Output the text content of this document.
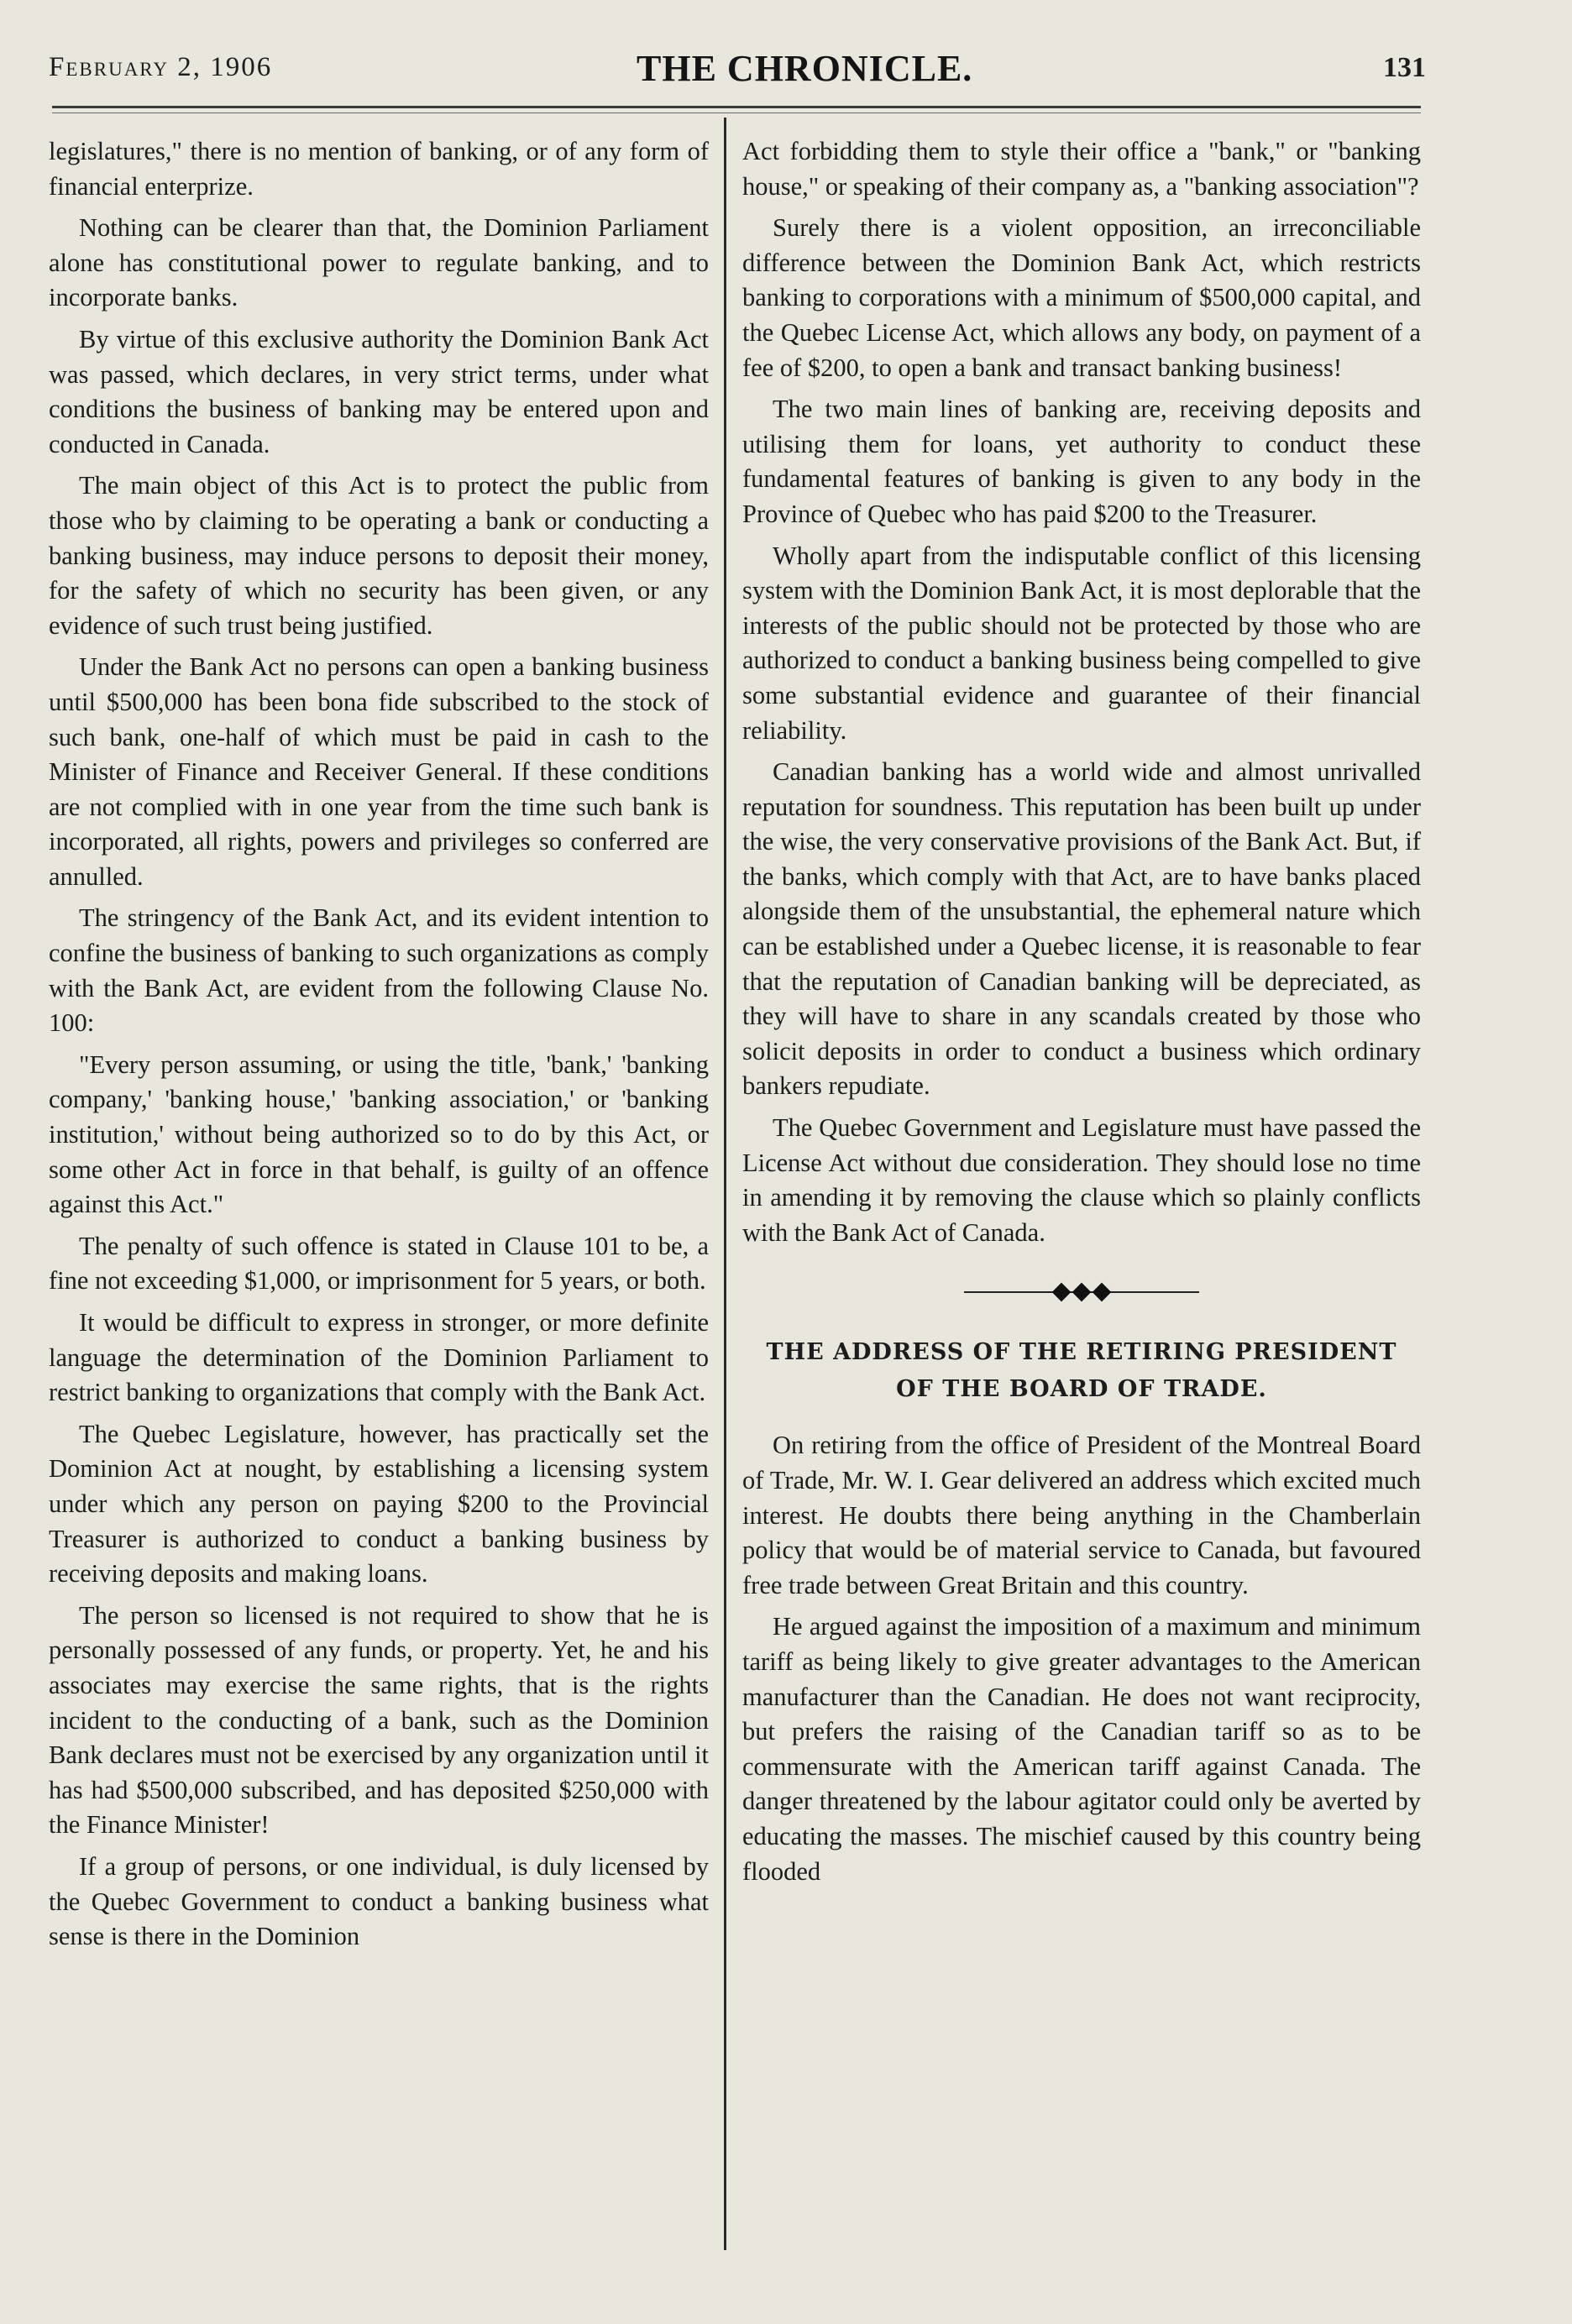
February 2, 1906	THE CHRONICLE.	131

legislatures," there is no mention of banking, or of any form of financial enterprize.

Nothing can be clearer than that, the Dominion Parliament alone has constitutional power to regulate banking, and to incorporate banks.

By virtue of this exclusive authority the Dominion Bank Act was passed, which declares, in very strict terms, under what conditions the business of banking may be entered upon and conducted in Canada.

The main object of this Act is to protect the public from those who by claiming to be operating a bank or conducting a banking business, may induce persons to deposit their money, for the safety of which no security has been given, or any evidence of such trust being justified.

Under the Bank Act no persons can open a banking business until $500,000 has been bona fide subscribed to the stock of such bank, one-half of which must be paid in cash to the Minister of Finance and Receiver General. If these conditions are not complied with in one year from the time such bank is incorporated, all rights, powers and privileges so conferred are annulled.

The stringency of the Bank Act, and its evident intention to confine the business of banking to such organizations as comply with the Bank Act, are evident from the following Clause No. 100:

"Every person assuming, or using the title, 'bank,' 'banking company,' 'banking house,' 'banking association,' or 'banking institution,' without being authorized so to do by this Act, or some other Act in force in that behalf, is guilty of an offence against this Act."

The penalty of such offence is stated in Clause 101 to be, a fine not exceeding $1,000, or imprisonment for 5 years, or both.

It would be difficult to express in stronger, or more definite language the determination of the Dominion Parliament to restrict banking to organizations that comply with the Bank Act.

The Quebec Legislature, however, has practically set the Dominion Act at nought, by establishing a licensing system under which any person on paying $200 to the Provincial Treasurer is authorized to conduct a banking business by receiving deposits and making loans.

The person so licensed is not required to show that he is personally possessed of any funds, or property. Yet, he and his associates may exercise the same rights, that is the rights incident to the conducting of a bank, such as the Dominion Bank declares must not be exercised by any organization until it has had $500,000 subscribed, and has deposited $250,000 with the Finance Minister!

If a group of persons, or one individual, is duly licensed by the Quebec Government to conduct a banking business what sense is there in the Dominion

Act forbidding them to style their office a "bank," or "banking house," or speaking of their company as, a "banking association"?

Surely there is a violent opposition, an irreconciliable difference between the Dominion Bank Act, which restricts banking to corporations with a minimum of $500,000 capital, and the Quebec License Act, which allows any body, on payment of a fee of $200, to open a bank and transact banking business!

The two main lines of banking are, receiving deposits and utilising them for loans, yet authority to conduct these fundamental features of banking is given to any body in the Province of Quebec who has paid $200 to the Treasurer.

Wholly apart from the indisputable conflict of this licensing system with the Dominion Bank Act, it is most deplorable that the interests of the public should not be protected by those who are authorized to conduct a banking business being compelled to give some substantial evidence and guarantee of their financial reliability.

Canadian banking has a world wide and almost unrivalled reputation for soundness. This reputation has been built up under the wise, the very conservative provisions of the Bank Act. But, if the banks, which comply with that Act, are to have banks placed alongside them of the unsubstantial, the ephemeral nature which can be established under a Quebec license, it is reasonable to fear that the reputation of Canadian banking will be depreciated, as they will have to share in any scandals created by those who solicit deposits in order to conduct a business which ordinary bankers repudiate.

The Quebec Government and Legislature must have passed the License Act without due consideration. They should lose no time in amending it by removing the clause which so plainly conflicts with the Bank Act of Canada.

THE ADDRESS OF THE RETIRING PRESIDENT
OF THE BOARD OF TRADE.

On retiring from the office of President of the Montreal Board of Trade, Mr. W. I. Gear delivered an address which excited much interest. He doubts there being anything in the Chamberlain policy that would be of material service to Canada, but favoured free trade between Great Britain and this country.

He argued against the imposition of a maximum and minimum tariff as being likely to give greater advantages to the American manufacturer than the Canadian. He does not want reciprocity, but prefers the raising of the Canadian tariff so as to be commensurate with the American tariff against Canada. The danger threatened by the labour agitator could only be averted by educating the masses. The mischief caused by this country being flooded
